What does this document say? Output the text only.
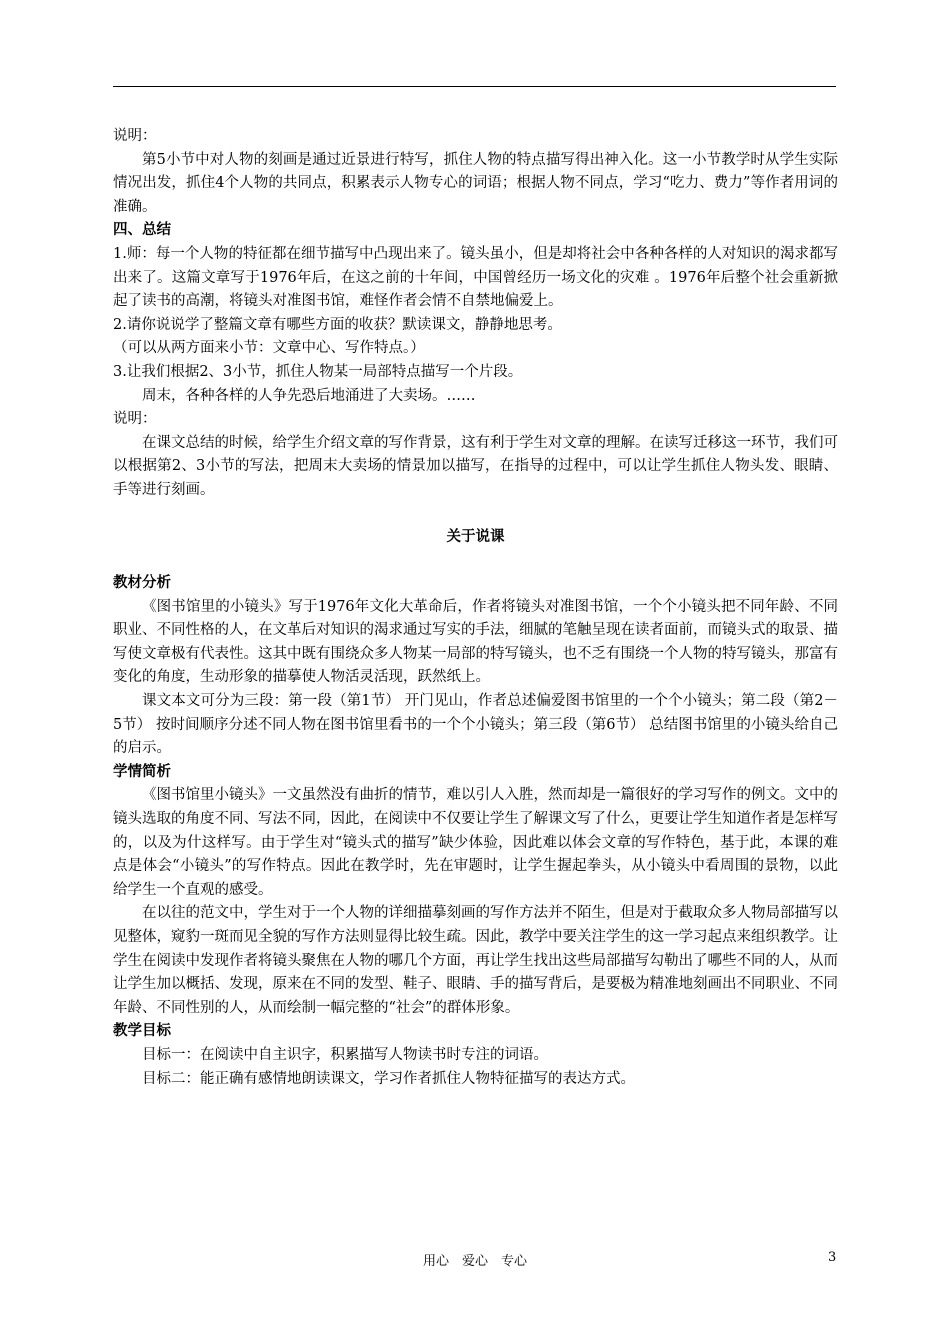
说明：

第5小节中对人物的刻画是通过近景进行特写，抓住人物的特点描写得出神入化。这一小节教学时从学生实际情况出发，抓住4个人物的共同点，积累表示人物专心的词语；根据人物不同点，学习“吃力、费力”等作者用词的准确。

四、总结

1.师：每一个人物的特征都在细节描写中凸现出来了。镜头虽小，但是却将社会中各种各样的人对知识的渴求都写出来了。这篇文章写于1976年后，在这之前的十年间，中国曾经历一场文化的灾难 。1976年后整个社会重新掀起了读书的高潮，将镜头对准图书馆，难怪作者会情不自禁地偏爱上。

2.请你说说学了整篇文章有哪些方面的收获？默读课文，静静地思考。

（可以从两方面来小节：文章中心、写作特点。）

3.让我们根据2、3小节，抓住人物某一局部特点描写一个片段。

周末，各种各样的人争先恐后地涌进了大卖场。……

说明：

在课文总结的时候，给学生介绍文章的写作背景，这有利于学生对文章的理解。在读写迁移这一环节，我们可以根据第2、3小节的写法，把周末大卖场的情景加以描写，在指导的过程中，可以让学生抓住人物头发、眼睛、手等进行刻画。

关于说课

教材分析

《图书馆里的小镜头》写于1976年文化大革命后，作者将镜头对准图书馆，一个个小镜头把不同年龄、不同职业、不同性格的人，在文革后对知识的渴求通过写实的手法，细腻的笔触呈现在读者面前，而镜头式的取景、描写使文章极有代表性。这其中既有围绕众多人物某一局部的特写镜头，也不乏有围绕一个人物的特写镜头，那富有变化的角度，生动形象的描摹使人物活灵活现，跃然纸上。

课文本文可分为三段：第一段（第1节） 开门见山，作者总述偏爱图书馆里的一个个小镜头；第二段（第2－5节） 按时间顺序分述不同人物在图书馆里看书的一个个小镜头；第三段（第6节） 总结图书馆里的小镜头给自己的启示。

学情简析

《图书馆里小镜头》一文虽然没有曲折的情节，难以引人入胜，然而却是一篇很好的学习写作的例文。文中的镜头选取的角度不同、写法不同，因此，在阅读中不仅要让学生了解课文写了什么，更要让学生知道作者是怎样写的，以及为什这样写。由于学生对“镜头式的描写”缺少体验，因此难以体会文章的写作特色，基于此，本课的难点是体会“小镜头”的写作特点。因此在教学时，先在审题时，让学生握起拳头，从小镜头中看周围的景物，以此给学生一个直观的感受。

在以往的范文中，学生对于一个人物的详细描摹刻画的写作方法并不陌生，但是对于截取众多人物局部描写以见整体，窥豹一斑而见全貌的写作方法则显得比较生疏。因此，教学中要关注学生的这一学习起点来组织教学。让学生在阅读中发现作者将镜头聚焦在人物的哪几个方面，再让学生找出这些局部描写勾勒出了哪些不同的人，从而让学生加以概括、发现，原来在不同的发型、鞋子、眼睛、手的描写背后，是要极为精准地刻画出不同职业、不同年龄、不同性别的人，从而绘制一幅完整的“社会”的群体形象。

教学目标

目标一：在阅读中自主识字，积累描写人物读书时专注的词语。

目标二：能正确有感情地朗读课文，学习作者抓住人物特征描写的表达方式。

用心　爱心　专心	3
